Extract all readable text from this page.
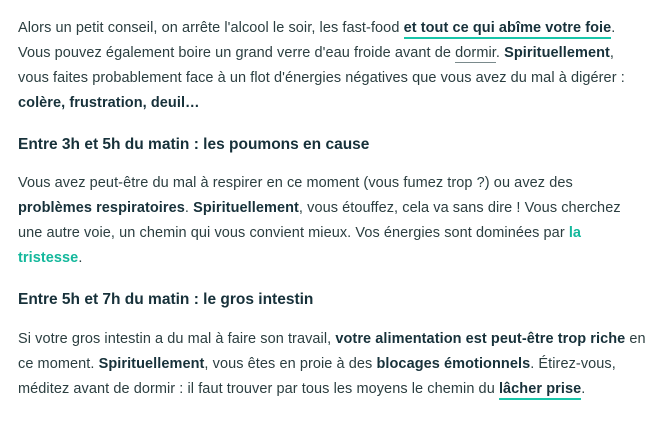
Alors un petit conseil, on arrête l'alcool le soir, les fast-food et tout ce qui abîme votre foie. Vous pouvez également boire un grand verre d'eau froide avant de dormir. Spirituellement, vous faites probablement face à un flot d'énergies négatives que vous avez du mal à digérer : colère, frustration, deuil…

Entre 3h et 5h du matin : les poumons en cause

Vous avez peut-être du mal à respirer en ce moment (vous fumez trop ?) ou avez des problèmes respiratoires. Spirituellement, vous étouffez, cela va sans dire ! Vous cherchez une autre voie, un chemin qui vous convient mieux. Vos énergies sont dominées par la tristesse.

Entre 5h et 7h du matin : le gros intestin

Si votre gros intestin a du mal à faire son travail, votre alimentation est peut-être trop riche en ce moment. Spirituellement, vous êtes en proie à des blocages émotionnels. Étirez-vous, méditez avant de dormir : il faut trouver par tous les moyens le chemin du lâcher prise.
